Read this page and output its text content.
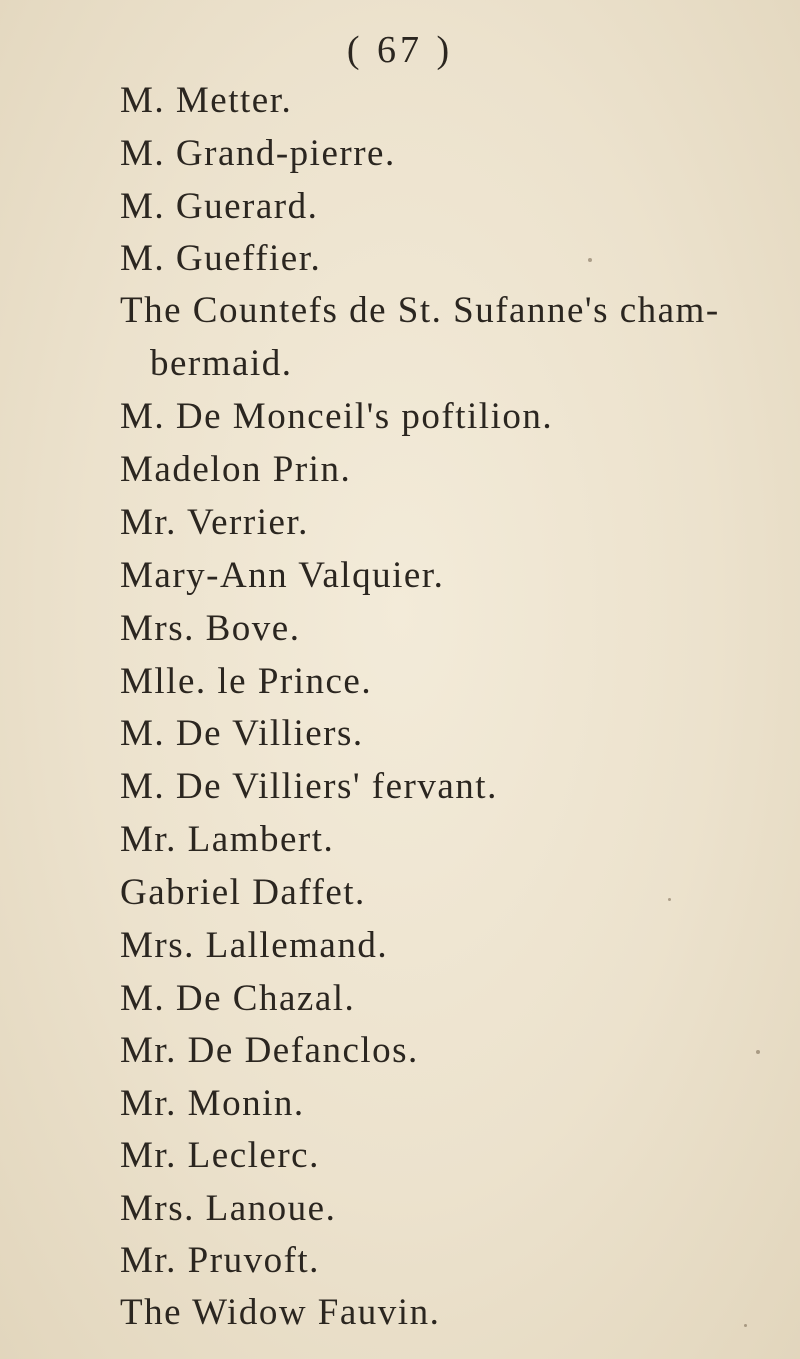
( 67 )
M. Metter.
M. Grand-pierre.
M. Guerard.
M. Gueffier.
The Countefs de St. Sufanne's cham-
bermaid.
M. De Monceil's poftilion.
Madelon Prin.
Mr. Verrier.
Mary-Ann Valquier.
Mrs. Bove.
Mlle. le Prince.
M. De Villiers.
M. De Villiers' fervant.
Mr. Lambert.
Gabriel Daffet.
Mrs. Lallemand.
M. De Chazal.
Mr. De Defanclos.
Mr. Monin.
Mr. Leclerc.
Mrs. Lanoue.
Mr. Pruvoft.
The Widow Fauvin.
